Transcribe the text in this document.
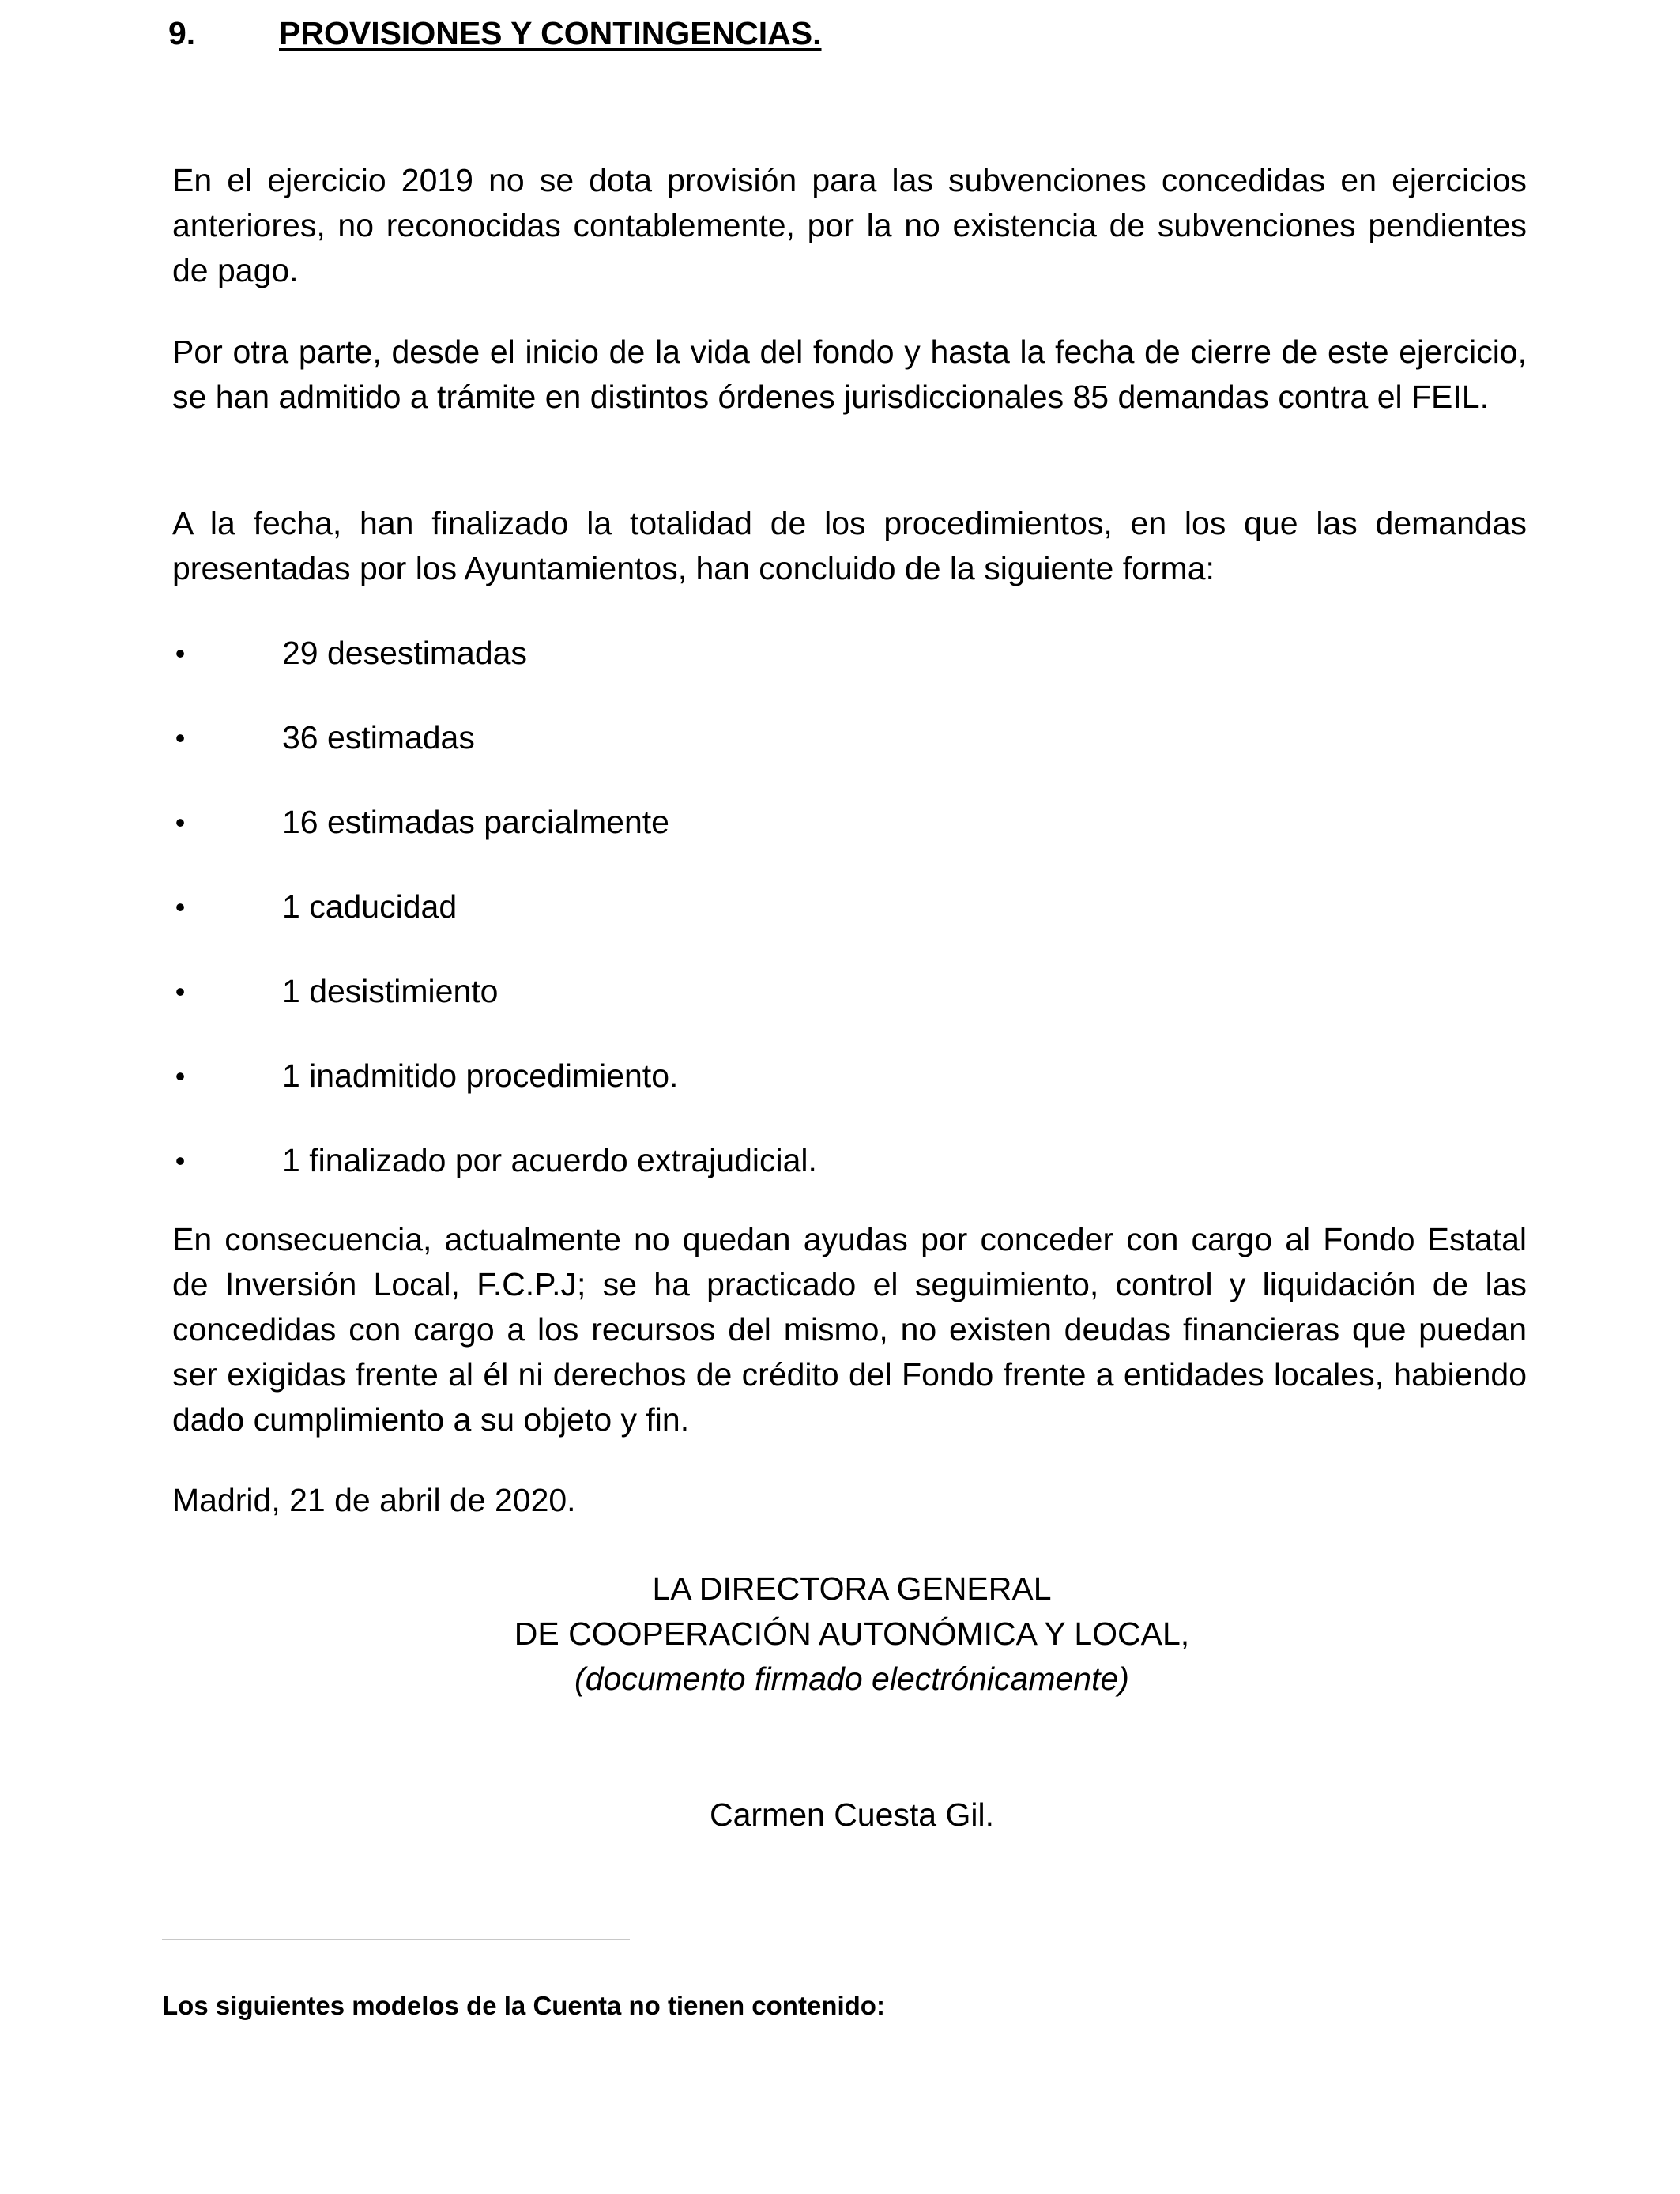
9.	PROVISIONES Y CONTINGENCIAS.

En el ejercicio 2019 no se dota provisión para las subvenciones concedidas en ejercicios anteriores, no reconocidas contablemente, por la no existencia de subvenciones pendientes de pago.

Por otra parte, desde el inicio de la vida del fondo y hasta la fecha de cierre de este ejercicio, se han admitido a trámite en distintos órdenes jurisdiccionales 85 demandas contra el FEIL.

A la fecha, han finalizado la totalidad de los procedimientos, en los que las demandas presentadas por los Ayuntamientos, han concluido de la siguiente forma:

•	29 desestimadas
•	36 estimadas
•	16 estimadas parcialmente
•	1 caducidad
•	1 desistimiento
•	1 inadmitido procedimiento.
•	1 finalizado por acuerdo extrajudicial.

En consecuencia, actualmente no quedan ayudas por conceder con cargo al Fondo Estatal de Inversión Local, F.C.P.J; se ha practicado el seguimiento, control y liquidación de las concedidas con cargo a los recursos del mismo, no existen deudas financieras que puedan ser exigidas frente al él ni derechos de crédito del Fondo frente a entidades locales, habiendo dado cumplimiento a su objeto y fin.

Madrid, 21 de abril de 2020.

LA DIRECTORA GENERAL
DE COOPERACIÓN AUTONÓMICA Y LOCAL,
(documento firmado electrónicamente)
Carmen Cuesta Gil.
Los siguientes modelos de la Cuenta no tienen contenido:
